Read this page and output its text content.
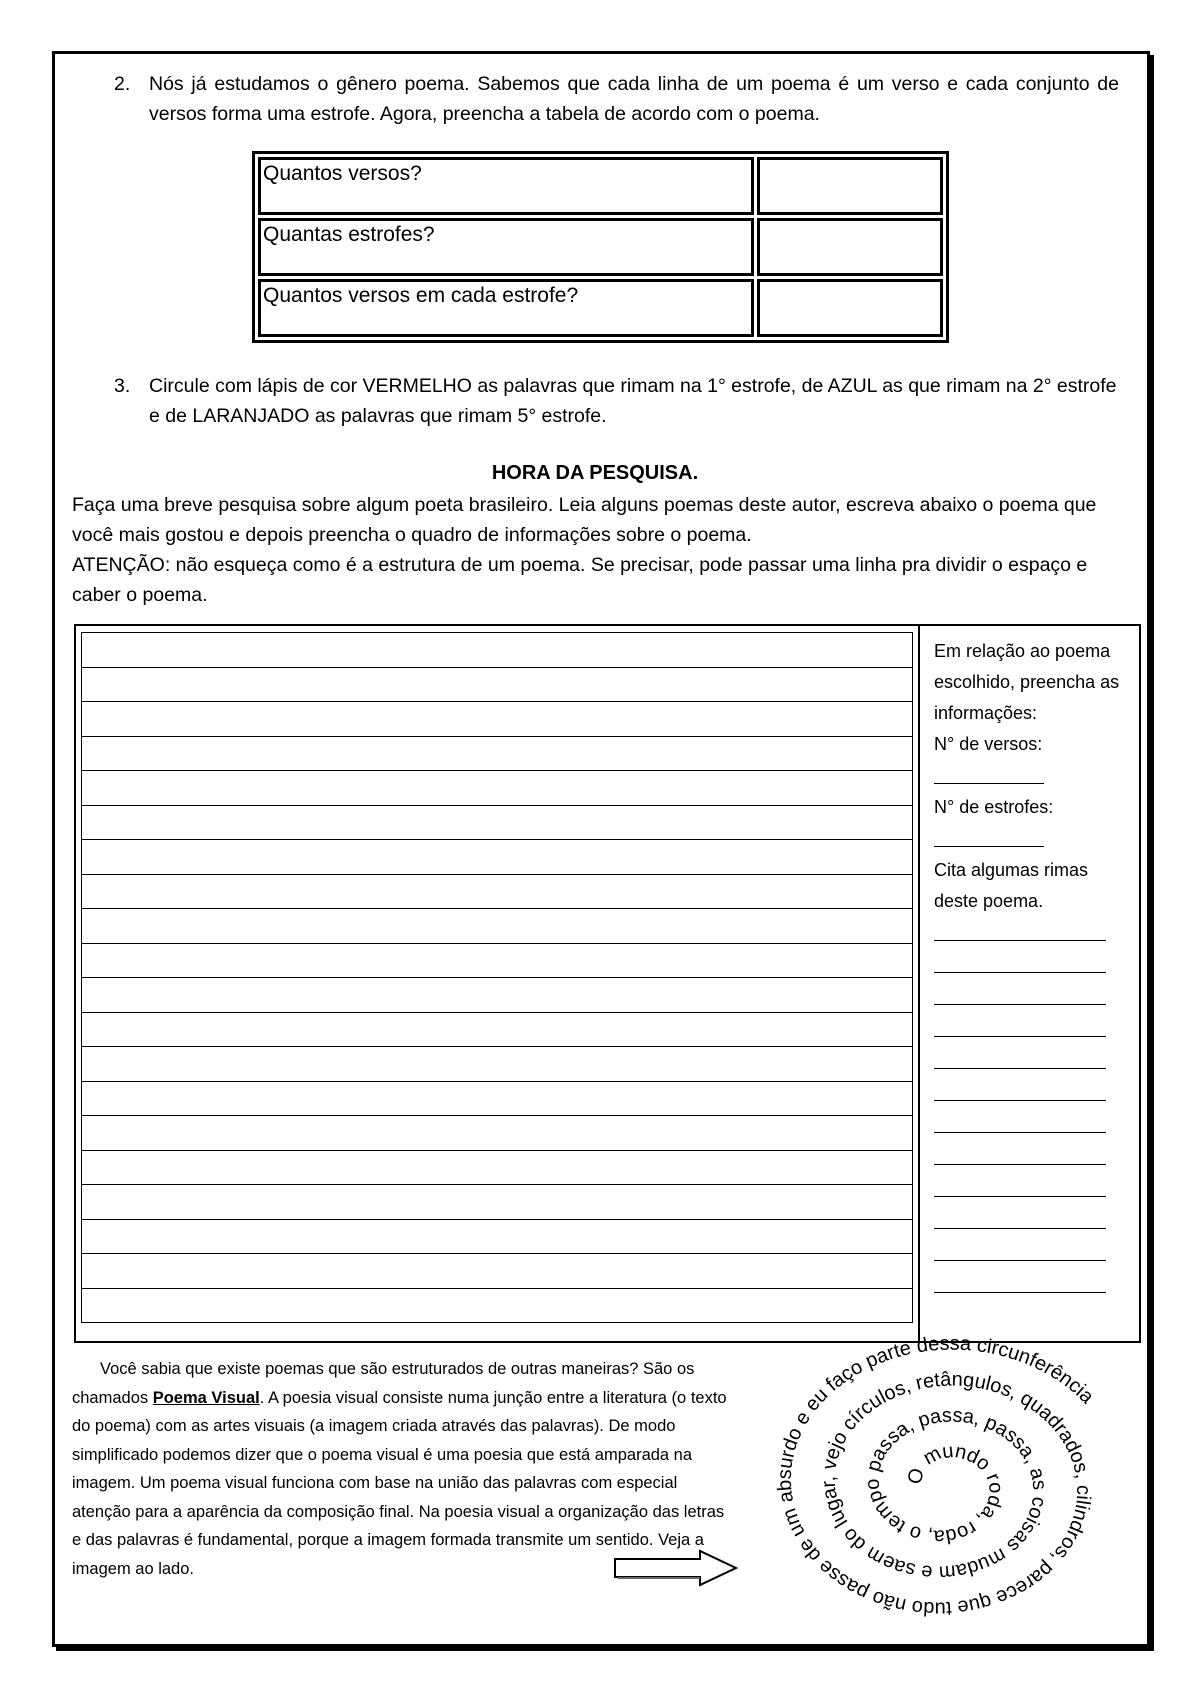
2. Nós já estudamos o gênero poema. Sabemos que cada linha de um poema é um verso e cada conjunto de versos forma uma estrofe. Agora, preencha a tabela de acordo com o poema.
Quantos versos?	
Quantas estrofes?	
Quantos versos em cada estrofe?	
3. Circule com lápis de cor VERMELHO as palavras que rimam na 1° estrofe, de AZUL as que rimam na 2° estrofe e de LARANJADO as palavras que rimam 5° estrofe.
HORA DA PESQUISA.
Faça uma breve pesquisa sobre algum poeta brasileiro. Leia alguns poemas deste autor, escreva abaixo o poema que você mais gostou e depois preencha o quadro de informações sobre o poema.
ATENÇÃO: não esqueça como é a estrutura de um poema. Se precisar, pode passar uma linha pra dividir o espaço e caber o poema.
Em relação ao poema escolhido, preencha as informações:
N° de versos:
N° de estrofes:
Cita algumas rimas deste poema.
Você sabia que existe poemas que são estruturados de outras maneiras? São os chamados Poema Visual. A poesia visual consiste numa junção entre a literatura (o texto do poema) com as artes visuais (a imagem criada através das palavras). De modo simplificado podemos dizer que o poema visual é uma poesia que está amparada na imagem. Um poema visual funciona com base na união das palavras com especial atenção para a aparência da composição final. Na poesia visual a organização das letras e das palavras é fundamental, porque a imagem formada transmite um sentido. Veja a imagem ao lado.
O mundo roda, roda, o tempo passa, passa, passa, as coisas mudam e saem do lugar, vejo círculos, retângulos, quadrados, cilindros, parece que tudo não passe de um absurdo e eu faço parte dessa circunferência
